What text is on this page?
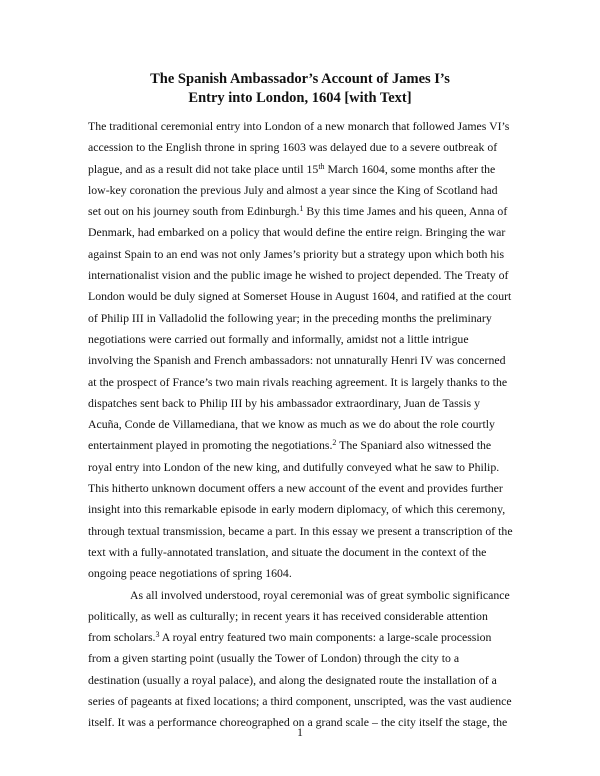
The Spanish Ambassador’s Account of James I’s
Entry into London, 1604 [with Text]
The traditional ceremonial entry into London of a new monarch that followed James VI’s
accession to the English throne in spring 1603 was delayed due to a severe outbreak of
plague, and as a result did not take place until 15th March 1604, some months after the
low-key coronation the previous July and almost a year since the King of Scotland had
set out on his journey south from Edinburgh.$^1$ By this time James and his queen, Anna of
Denmark, had embarked on a policy that would define the entire reign. Bringing the war
against Spain to an end was not only James’s priority but a strategy upon which both his
internationalist vision and the public image he wished to project depended. The Treaty of
London would be duly signed at Somerset House in August 1604, and ratified at the court
of Philip III in Valladolid the following year; in the preceding months the preliminary
negotiations were carried out formally and informally, amidst not a little intrigue
involving the Spanish and French ambassadors: not unnaturally Henri IV was concerned
at the prospect of France’s two main rivals reaching agreement. It is largely thanks to the
dispatches sent back to Philip III by his ambassador extraordinary, Juan de Tassis y
Acuña, Conde de Villamediana, that we know as much as we do about the role courtly
entertainment played in promoting the negotiations.$^2$ The Spaniard also witnessed the
royal entry into London of the new king, and dutifully conveyed what he saw to Philip.
This hitherto unknown document offers a new account of the event and provides further
insight into this remarkable episode in early modern diplomacy, of which this ceremony,
through textual transmission, became a part. In this essay we present a transcription of the
text with a fully-annotated translation, and situate the document in the context of the
ongoing peace negotiations of spring 1604.
As all involved understood, royal ceremonial was of great symbolic significance
politically, as well as culturally; in recent years it has received considerable attention
from scholars.$^3$ A royal entry featured two main components: a large-scale procession
from a given starting point (usually the Tower of London) through the city to a
destination (usually a royal palace), and along the designated route the installation of a
series of pageants at fixed locations; a third component, unscripted, was the vast audience
itself. It was a performance choreographed on a grand scale – the city itself the stage, the
1
